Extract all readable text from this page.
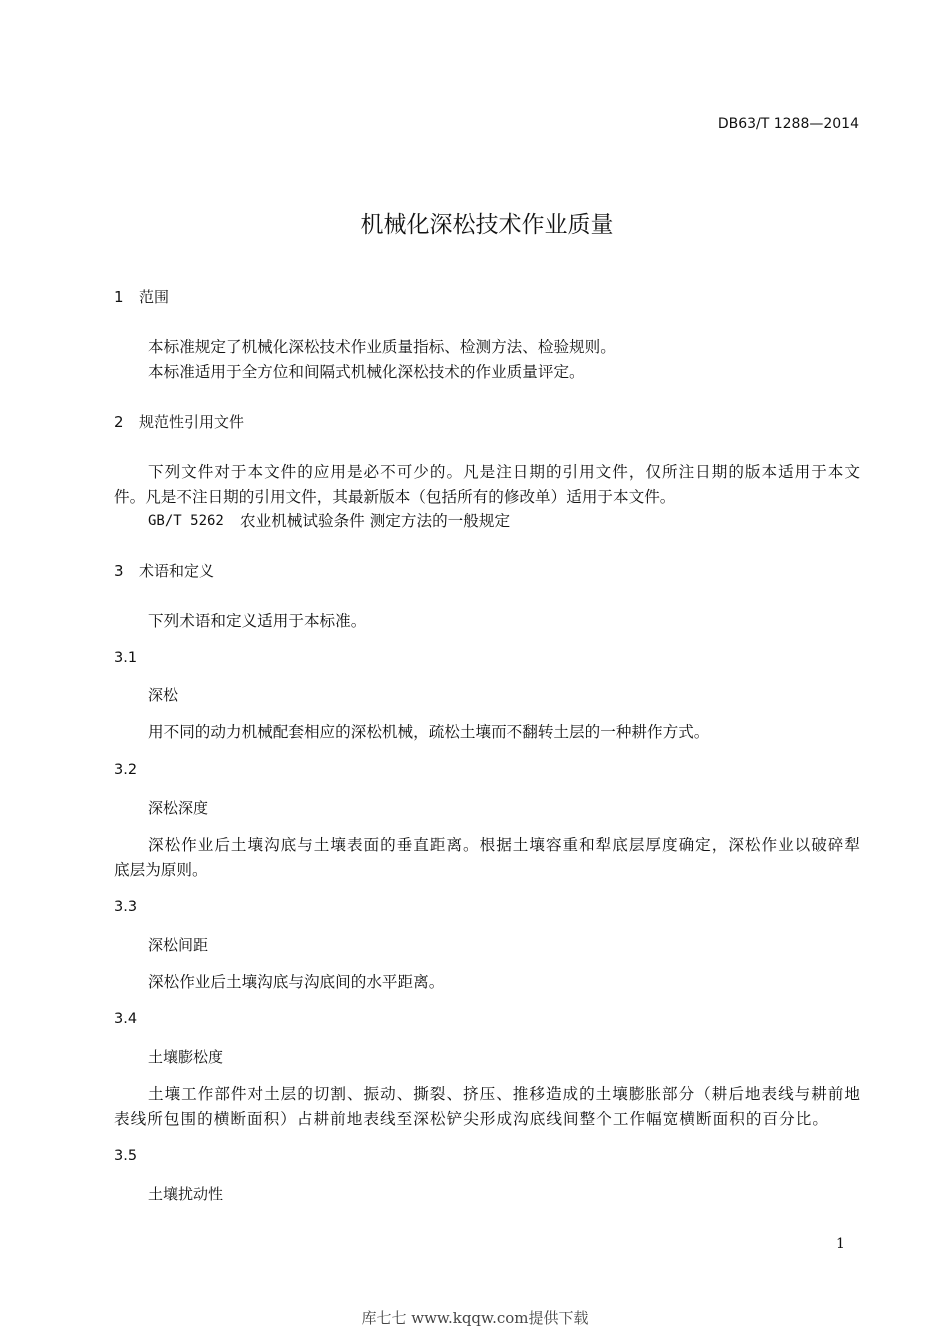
DB63/T 1288—2014
机械化深松技术作业质量
1 范围
本标准规定了机械化深松技术作业质量指标、检测方法、检验规则。
本标准适用于全方位和间隔式机械化深松技术的作业质量评定。
2 规范性引用文件
下列文件对于本文件的应用是必不可少的。凡是注日期的引用文件，仅所注日期的版本适用于本文
件。凡是不注日期的引用文件，其最新版本（包括所有的修改单）适用于本文件。
GB/T 5262 农业机械试验条件 测定方法的一般规定
3 术语和定义
下列术语和定义适用于本标准。
3.1
深松
用不同的动力机械配套相应的深松机械，疏松土壤而不翻转土层的一种耕作方式。
3.2
深松深度
深松作业后土壤沟底与土壤表面的垂直距离。根据土壤容重和犁底层厚度确定，深松作业以破碎犁
底层为原则。
3.3
深松间距
深松作业后土壤沟底与沟底间的水平距离。
3.4
土壤膨松度
土壤工作部件对土层的切割、振动、撕裂、挤压、推移造成的土壤膨胀部分（耕后地表线与耕前地
表线所包围的横断面积）占耕前地表线至深松铲尖形成沟底线间整个工作幅宽横断面积的百分比。
3.5
土壤扰动性
1
库七七 www.kqqw.com提供下载
